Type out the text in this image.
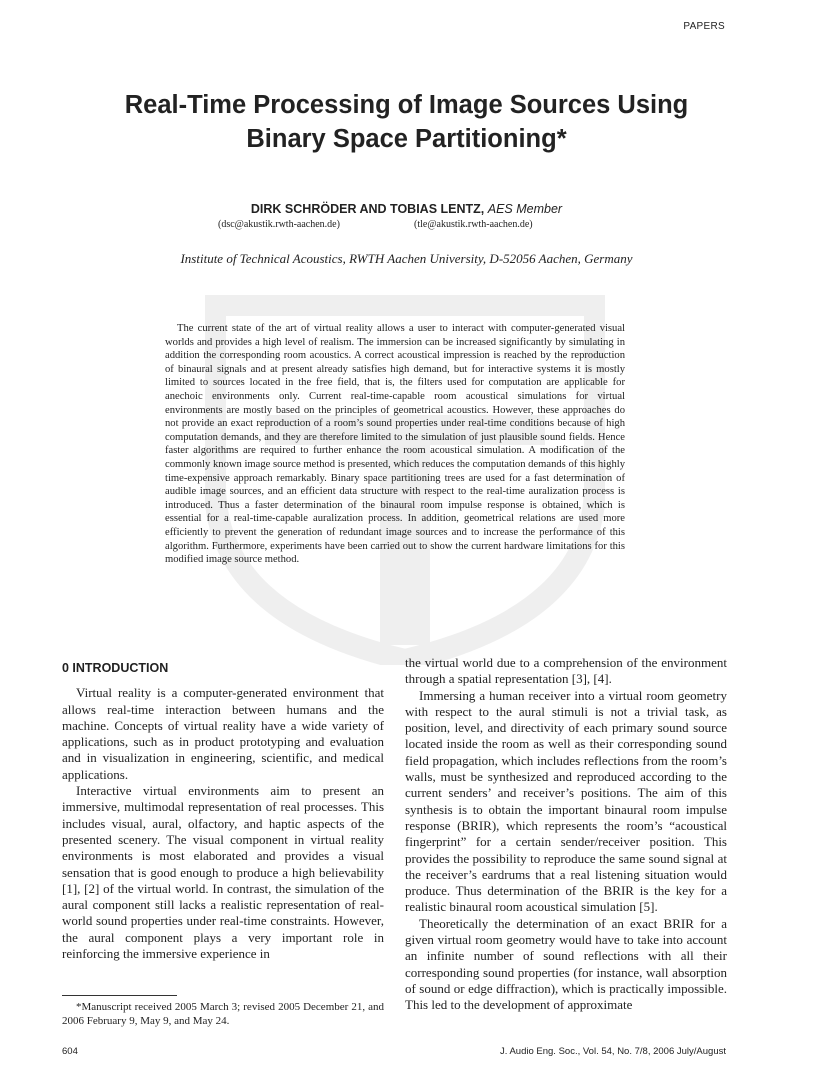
PAPERS
Real-Time Processing of Image Sources Using
Binary Space Partitioning*
DIRK SCHRÖDER AND TOBIAS LENTZ, AES Member
(dsc@akustik.rwth-aachen.de)	(tle@akustik.rwth-aachen.de)
Institute of Technical Acoustics, RWTH Aachen University, D-52056 Aachen, Germany

The current state of the art of virtual reality allows a user to interact with computer-generated visual worlds and provides a high level of realism. The immersion can be increased significantly by simulating in addition the corresponding room acoustics. A correct acoustical impression is reached by the reproduction of binaural signals and at present already satisfies high demand, but for interactive systems it is mostly limited to sources located in the free field, that is, the filters used for computation are applicable for anechoic environments only. Current real-time-capable room acoustical simulations for virtual environments are mostly based on the principles of geometrical acoustics. However, these approaches do not provide an exact reproduction of a room’s sound properties under real-time conditions because of high computation demands, and they are therefore limited to the simulation of just plausible sound fields. Hence faster algorithms are required to further enhance the room acoustical simulation. A modification of the commonly known image source method is presented, which reduces the computation demands of this highly time-expensive approach remarkably. Binary space partitioning trees are used for a fast determination of audible image sources, and an efficient data structure with respect to the real-time auralization process is introduced. Thus a faster determination of the binaural room impulse response is obtained, which is essential for a real-time-capable auralization process. In addition, geometrical relations are used more efficiently to prevent the generation of redundant image sources and to increase the performance of this algorithm. Furthermore, experiments have been carried out to show the current hardware limitations for this modified image source method.

0 INTRODUCTION

Virtual reality is a computer-generated environment that allows real-time interaction between humans and the machine. Concepts of virtual reality have a wide variety of applications, such as in product prototyping and evaluation and in visualization in engineering, scientific, and medical applications.

Interactive virtual environments aim to present an immersive, multimodal representation of real processes. This includes visual, aural, olfactory, and haptic aspects of the presented scenery. The visual component in virtual reality environments is most elaborated and provides a visual sensation that is good enough to produce a high believability [1], [2] of the virtual world. In contrast, the simulation of the aural component still lacks a realistic representation of real-world sound properties under real-time constraints. However, the aural component plays a very important role in reinforcing the immersive experience in

the virtual world due to a comprehension of the environment through a spatial representation [3], [4].

Immersing a human receiver into a virtual room geometry with respect to the aural stimuli is not a trivial task, as position, level, and directivity of each primary sound source located inside the room as well as their corresponding sound field propagation, which includes reflections from the room’s walls, must be synthesized and reproduced according to the current senders’ and receiver’s positions. The aim of this synthesis is to obtain the important binaural room impulse response (BRIR), which represents the room’s “acoustical fingerprint” for a certain sender/receiver position. This provides the possibility to reproduce the same sound signal at the receiver’s eardrums that a real listening situation would produce. Thus determination of the BRIR is the key for a realistic binaural room acoustical simulation [5].

Theoretically the determination of an exact BRIR for a given virtual room geometry would have to take into account an infinite number of sound reflections with all their corresponding sound properties (for instance, wall absorption of sound or edge diffraction), which is practically impossible. This led to the development of approximate

*Manuscript received 2005 March 3; revised 2005 December 21, and 2006 February 9, May 9, and May 24.

604	J. Audio Eng. Soc., Vol. 54, No. 7/8, 2006 July/August
